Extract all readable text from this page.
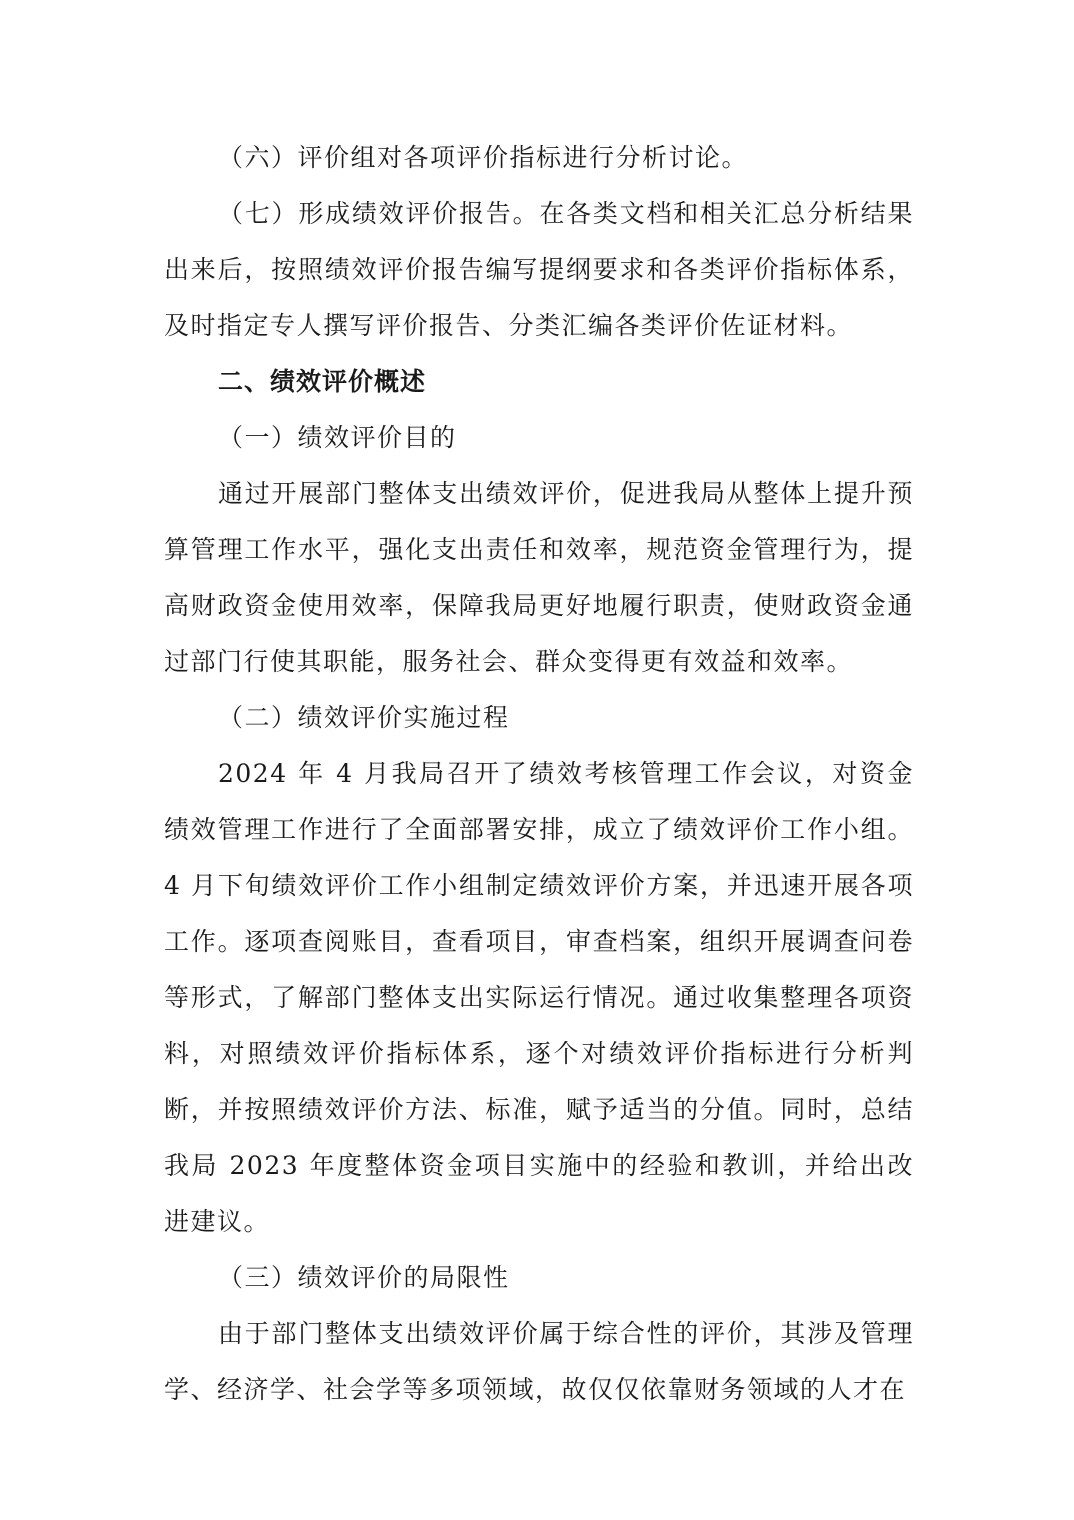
（六）评价组对各项评价指标进行分析讨论。

（七）形成绩效评价报告。在各类文档和相关汇总分析结果出来后，按照绩效评价报告编写提纲要求和各类评价指标体系，及时指定专人撰写评价报告、分类汇编各类评价佐证材料。

二、绩效评价概述

（一）绩效评价目的

通过开展部门整体支出绩效评价，促进我局从整体上提升预算管理工作水平，强化支出责任和效率，规范资金管理行为，提高财政资金使用效率，保障我局更好地履行职责，使财政资金通过部门行使其职能，服务社会、群众变得更有效益和效率。

（二）绩效评价实施过程

2024 年 4 月我局召开了绩效考核管理工作会议，对资金绩效管理工作进行了全面部署安排，成立了绩效评价工作小组。4 月下旬绩效评价工作小组制定绩效评价方案，并迅速开展各项工作。逐项查阅账目，查看项目，审查档案，组织开展调查问卷等形式，了解部门整体支出实际运行情况。通过收集整理各项资料，对照绩效评价指标体系，逐个对绩效评价指标进行分析判断，并按照绩效评价方法、标准，赋予适当的分值。同时，总结我局 2023 年度整体资金项目实施中的经验和教训，并给出改进建议。

（三）绩效评价的局限性

由于部门整体支出绩效评价属于综合性的评价，其涉及管理学、经济学、社会学等多项领域，故仅仅依靠财务领域的人才在
